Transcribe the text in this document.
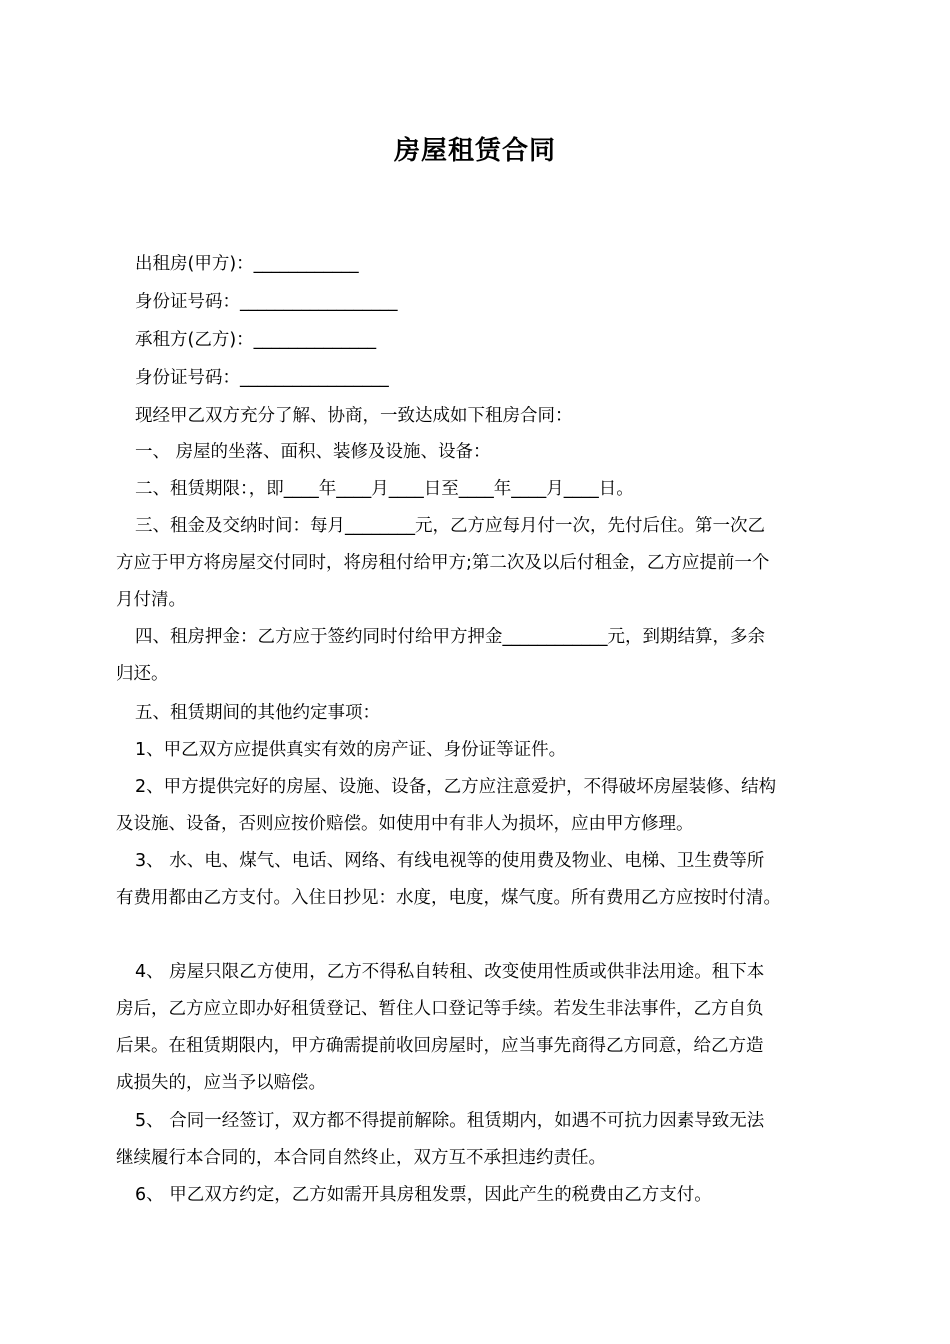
房屋租赁合同
出租房(甲方)：____________
身份证号码：__________________
承租方(乙方)：______________
身份证号码：_________________
现经甲乙双方充分了解、协商，一致达成如下租房合同：
一、 房屋的坐落、面积、装修及设施、设备：
二、租赁期限：，即____年____月____日至____年____月____日。
三、租金及交纳时间：每月________元，乙方应每月付一次，先付后住。第一次乙
方应于甲方将房屋交付同时，将房租付给甲方;第二次及以后付租金，乙方应提前一个
月付清。
四、租房押金：乙方应于签约同时付给甲方押金____________元，到期结算，多余
归还。
五、租赁期间的其他约定事项：
1、甲乙双方应提供真实有效的房产证、身份证等证件。
2、甲方提供完好的房屋、设施、设备，乙方应注意爱护，不得破坏房屋装修、结构
及设施、设备，否则应按价赔偿。如使用中有非人为损坏，应由甲方修理。
3、 水、电、煤气、电话、网络、有线电视等的使用费及物业、电梯、卫生费等所
有费用都由乙方支付。入住日抄见：水度，电度，煤气度。所有费用乙方应按时付清。
4、 房屋只限乙方使用，乙方不得私自转租、改变使用性质或供非法用途。租下本
房后，乙方应立即办好租赁登记、暂住人口登记等手续。若发生非法事件，乙方自负
后果。在租赁期限内，甲方确需提前收回房屋时，应当事先商得乙方同意，给乙方造
成损失的，应当予以赔偿。
5、 合同一经签订，双方都不得提前解除。租赁期内，如遇不可抗力因素导致无法
继续履行本合同的，本合同自然终止，双方互不承担违约责任。
6、 甲乙双方约定，乙方如需开具房租发票，因此产生的税费由乙方支付。
